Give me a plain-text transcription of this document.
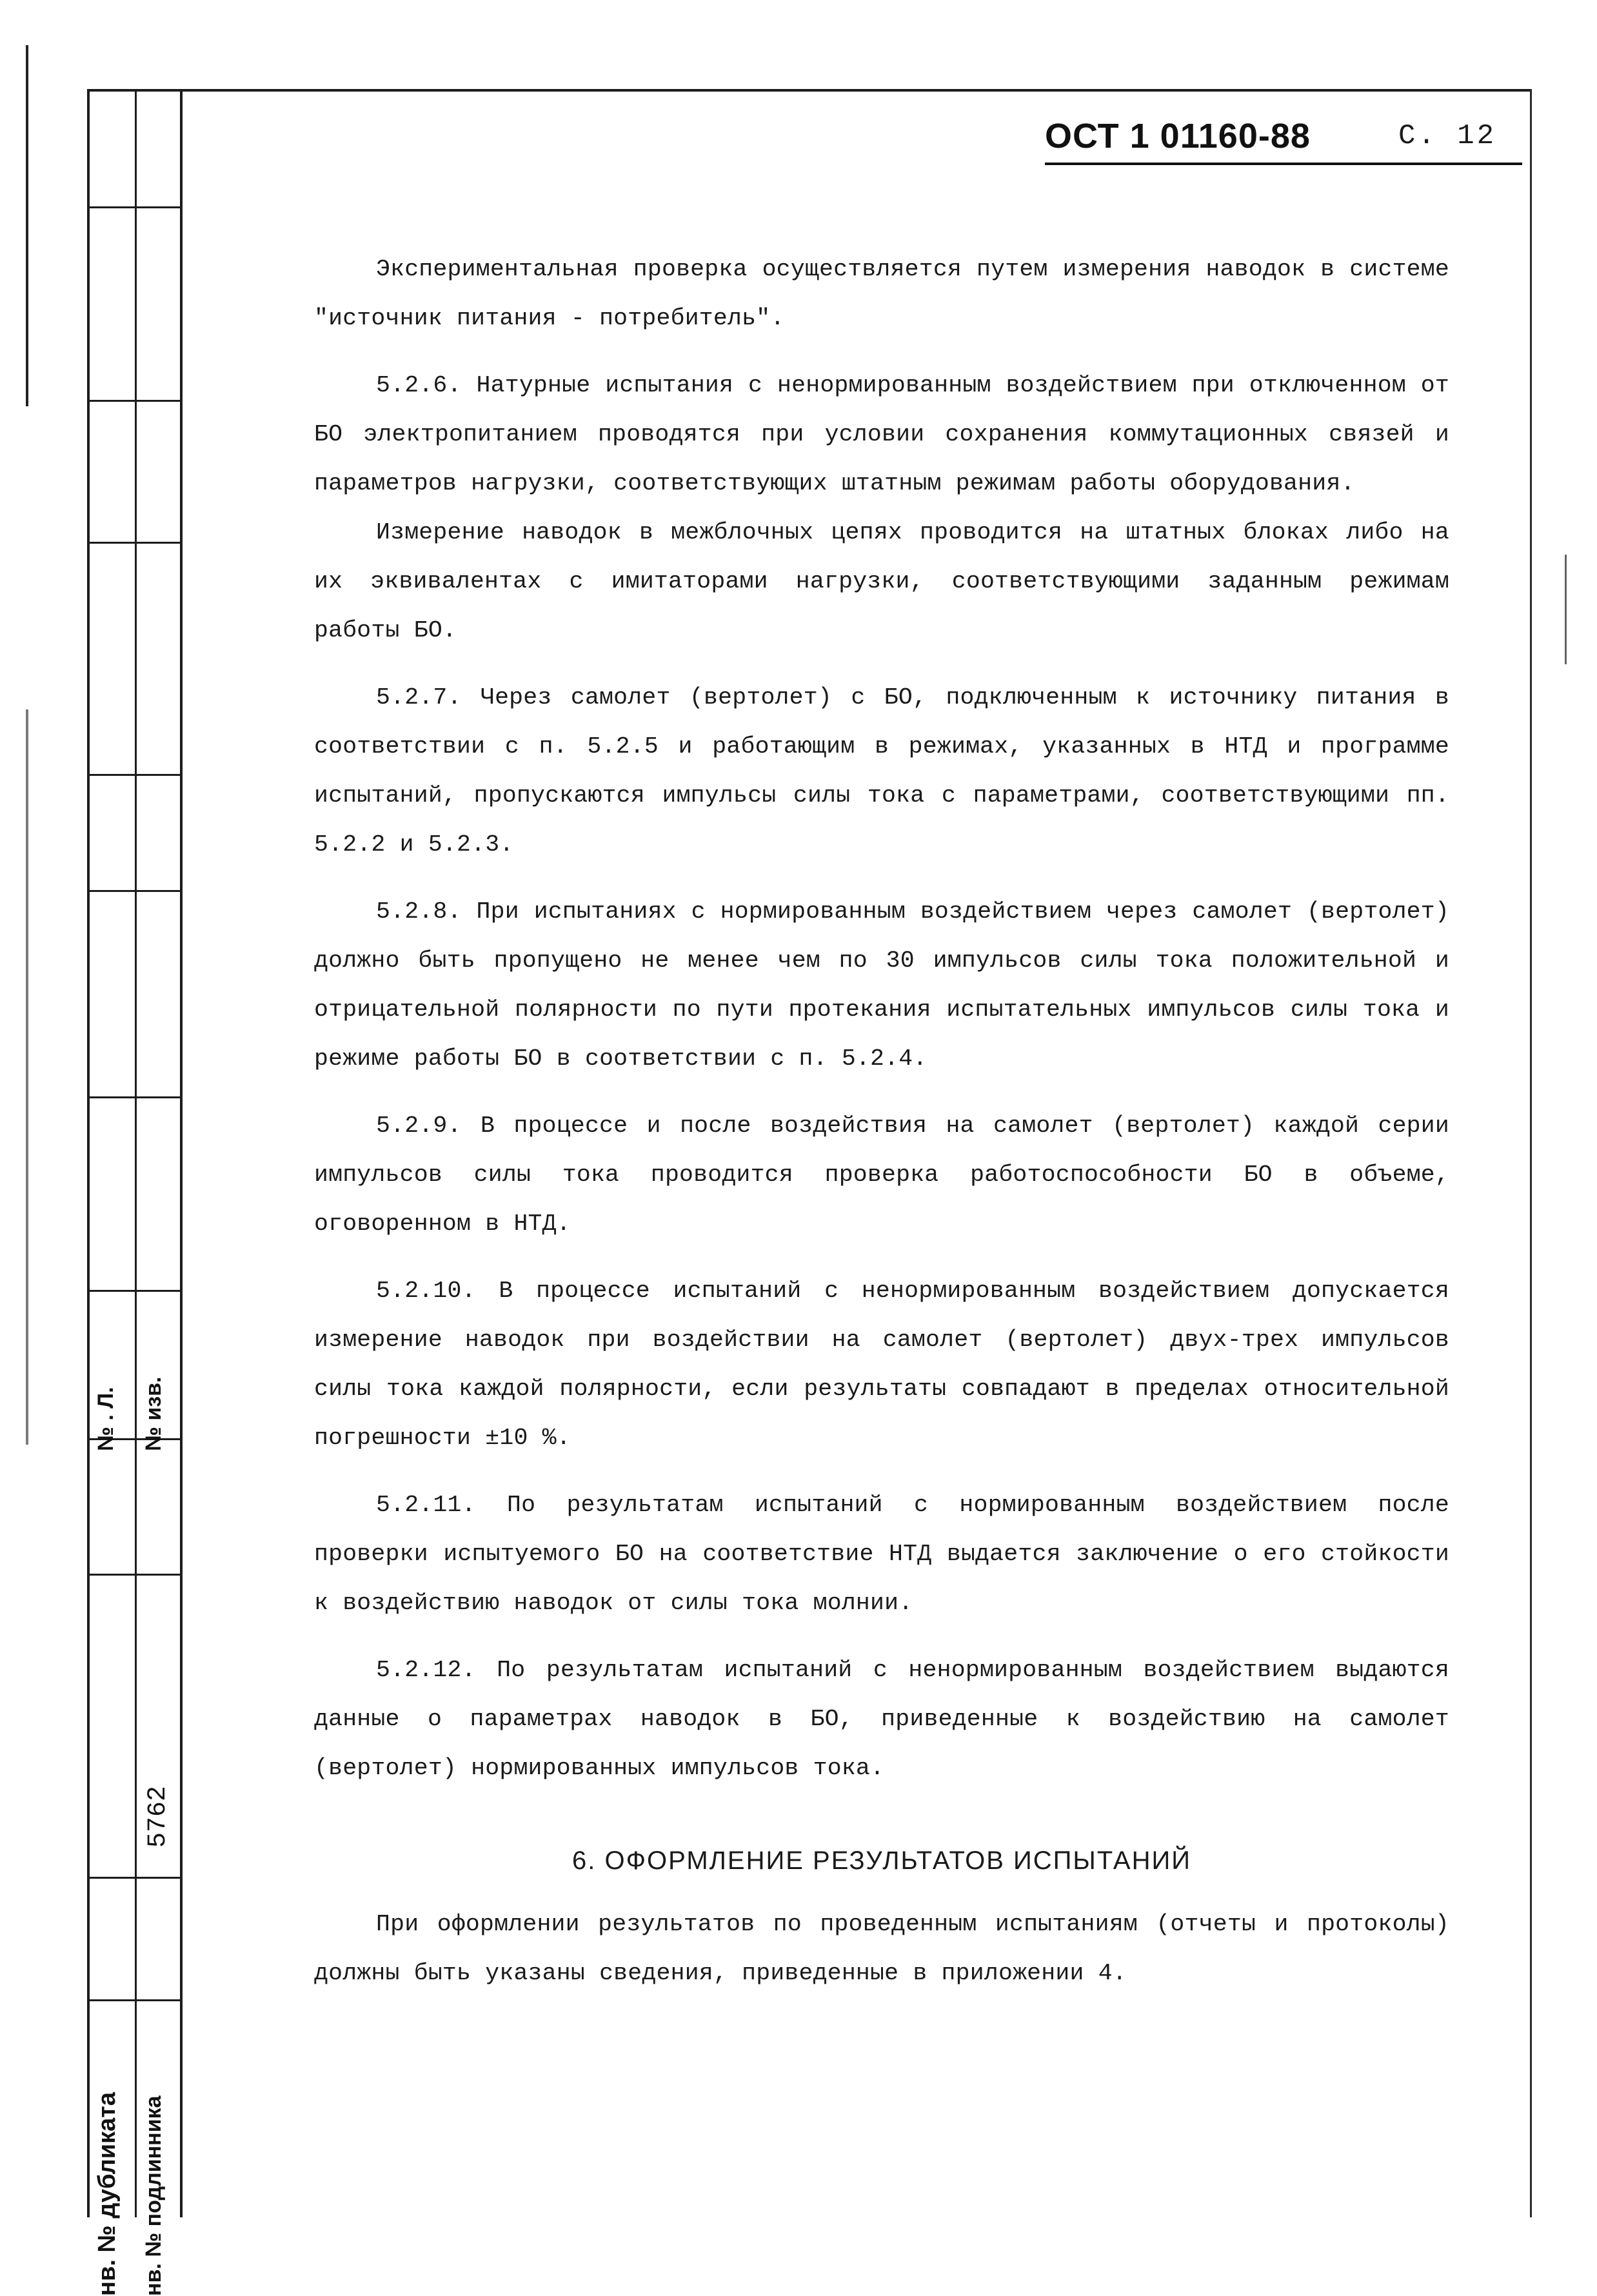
№ . Л. № изв.
5762
нв. № дубликата нв. № подлинника
ОСТ 1 01160-88	С. 12

Экспериментальная проверка осуществляется путем измерения наводок в системе "источник питания - потребитель".

5.2.6. Натурные испытания с ненормированным воздействием при отключенном от БО электропитанием проводятся при условии сохранения коммутационных связей и параметров нагрузки, соответствующих штатным режимам работы оборудования.

Измерение наводок в межблочных цепях проводится на штатных блоках либо на их эквивалентах с имитаторами нагрузки, соответствующими заданным режимам работы БО.

5.2.7. Через самолет (вертолет) с БО, подключенным к источнику питания в соответствии с п. 5.2.5 и работающим в режимах, указанных в НТД и программе испытаний, пропускаются импульсы силы тока с параметрами, соответствующими пп. 5.2.2 и 5.2.3.

5.2.8. При испытаниях с нормированным воздействием через самолет (вертолет) должно быть пропущено не менее чем по 30 импульсов силы тока положительной и отрицательной полярности по пути протекания испытательных импульсов силы тока и режиме работы БО в соответствии с п. 5.2.4.

5.2.9. В процессе и после воздействия на самолет (вертолет) каждой серии импульсов силы тока проводится проверка работоспособности БО в объеме, оговоренном в НТД.

5.2.10. В процессе испытаний с ненормированным воздействием допускается измерение наводок при воздействии на самолет (вертолет) двух-трех импульсов силы тока каждой полярности, если результаты совпадают в пределах относительной погрешности ±10 %.

5.2.11. По результатам испытаний с нормированным воздействием после проверки испытуемого БО на соответствие НТД выдается заключение о его стойкости к воздействию наводок от силы тока молнии.

5.2.12. По результатам испытаний с ненормированным воздействием выдаются данные о параметрах наводок в БО, приведенные к воздействию на самолет (вертолет) нормированных импульсов тока.

6. ОФОРМЛЕНИЕ РЕЗУЛЬТАТОВ ИСПЫТАНИЙ

При оформлении результатов по проведенным испытаниям (отчеты и протоколы) должны быть указаны сведения, приведенные в приложении 4.
